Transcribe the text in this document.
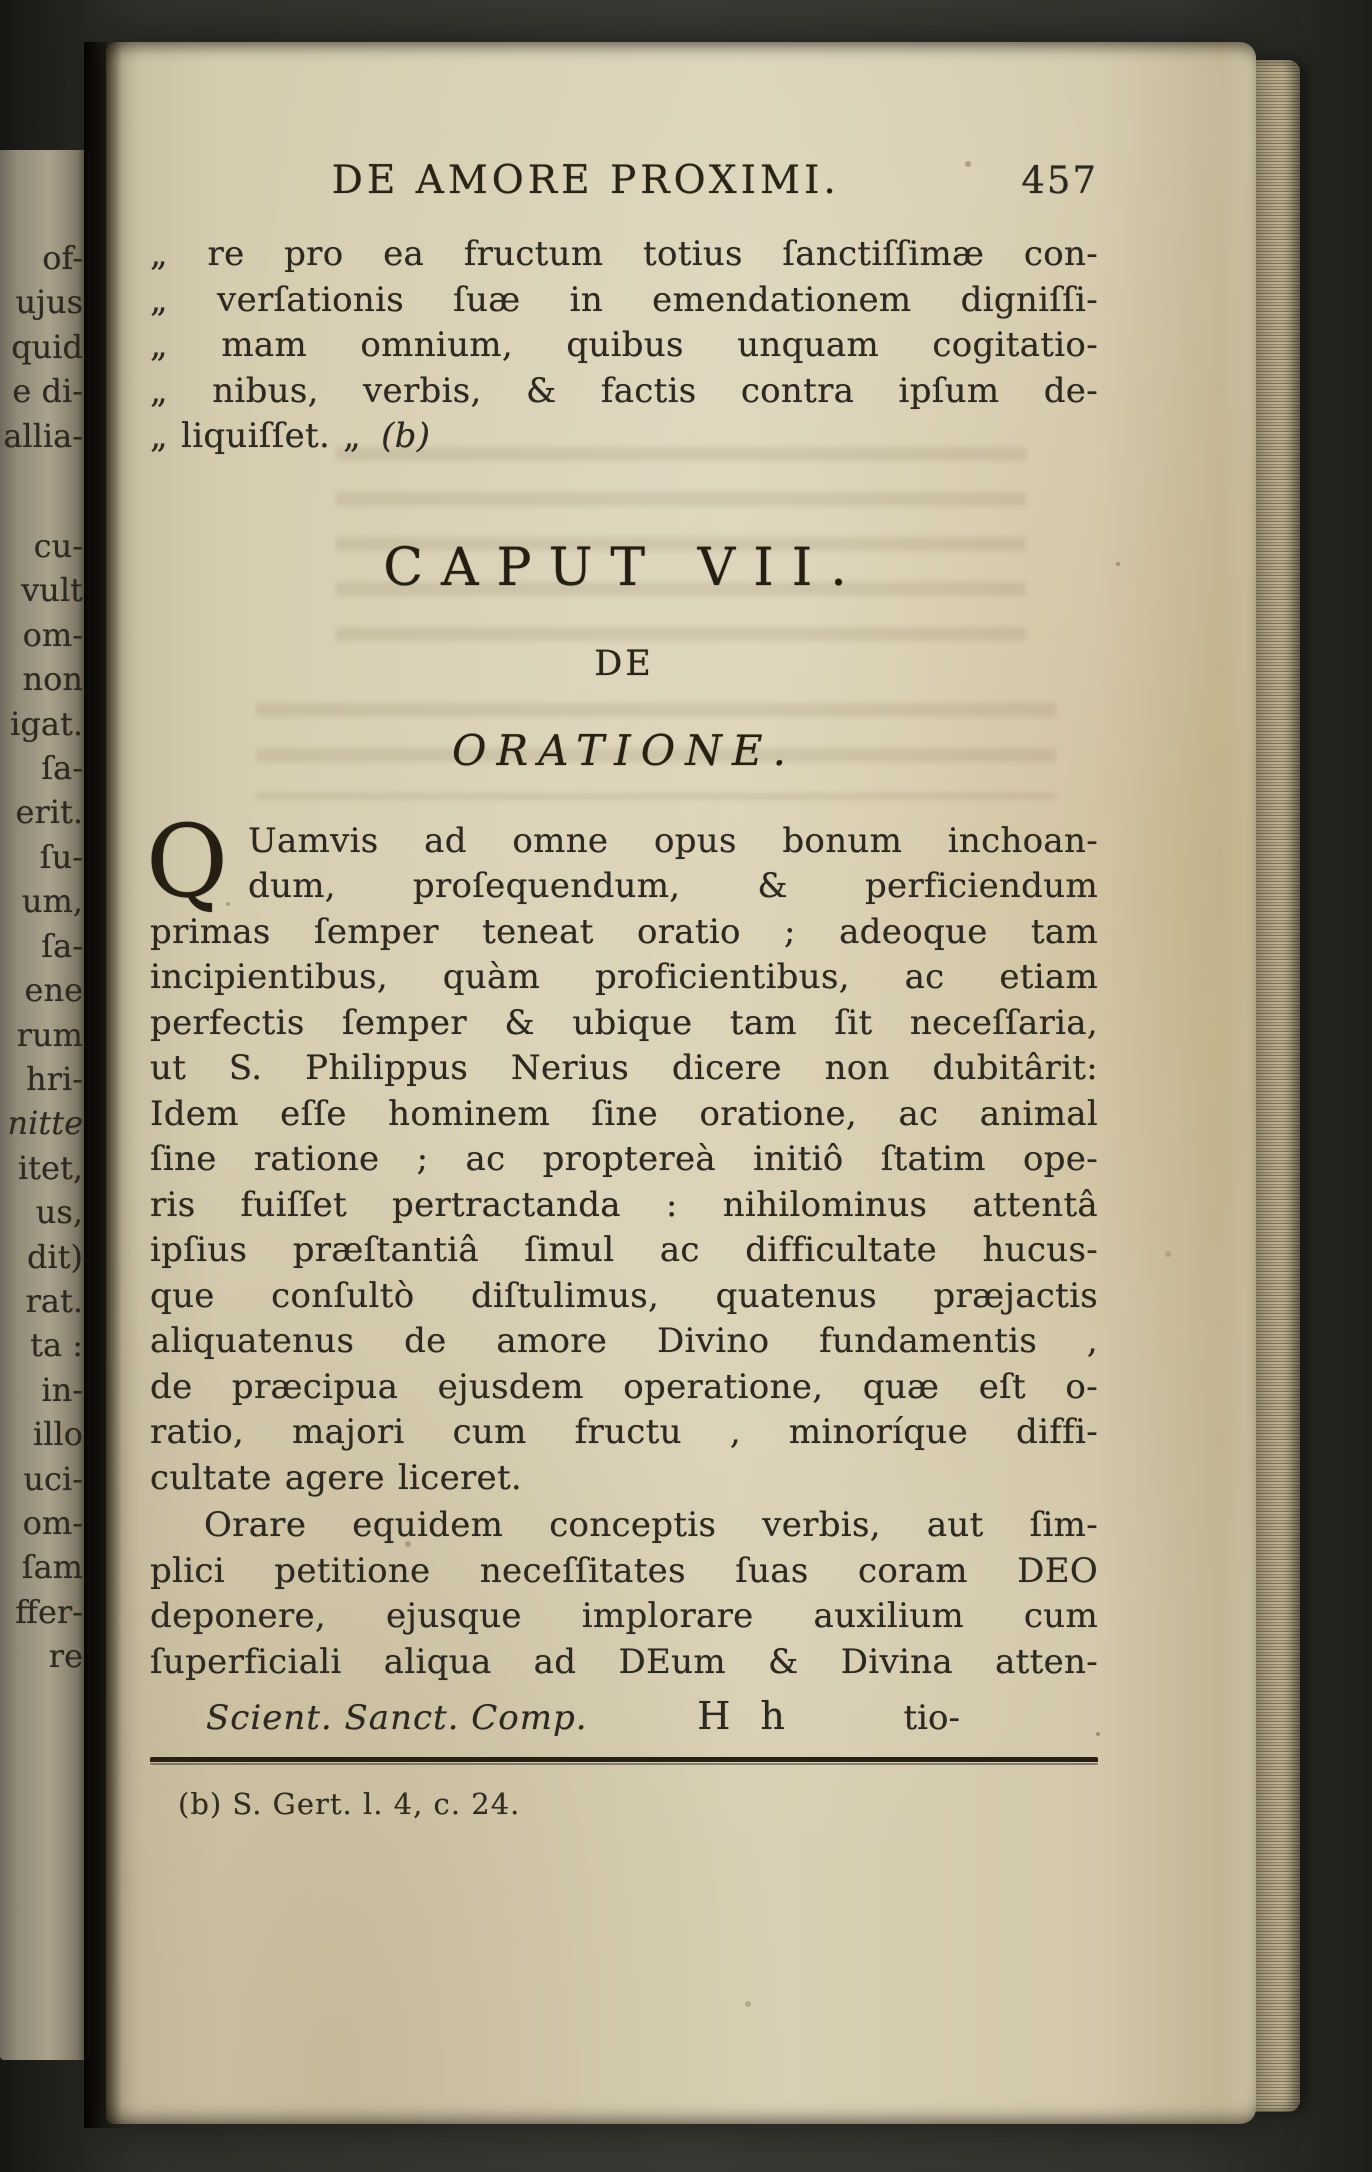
of-
ujus
quid
e di-
allia-
cu-
vult
om-
non
igat.
ſa-
erit.
ſu-
um,
ſa-
ene
rum
hri-
nitte
itet,
us,
dit)
rat.
ta :
in-
illo
uci-
om-
ſam
ffer-
re
DE AMORE PROXIMI.	457
„ re pro ea fructum totius ſanctiſſimæ con-
„ verſationis ſuæ in emendationem digniſſi-
„ mam omnium, quibus unquam cogitatio-
„ nibus, verbis, & factis contra ipſum de-
„ liquiſſet. „ (b)
CAPUT VII.
DE
ORATIONE.
Q Uamvis ad omne opus bonum inchoan-
dum, proſequendum, & perficiendum
primas ſemper teneat oratio ; adeoque tam
incipientibus, quàm proficientibus, ac etiam
perfectis ſemper & ubique tam ſit neceſſaria,
ut S. Philippus Nerius dicere non dubitârit:
Idem eſſe hominem ſine oratione, ac animal
ſine ratione ; ac proptereà initiô ſtatim ope-
ris fuiſſet pertractanda : nihilominus attentâ
ipſius præſtantiâ ſimul ac difficultate hucus-
que conſultò diſtulimus, quatenus præjactis
aliquatenus de amore Divino fundamentis ,
de præcipua ejusdem operatione, quæ eſt o-
ratio, majori cum fructu , minoríque diffi-
cultate agere liceret.
Orare equidem conceptis verbis, aut ſim-
plici petitione neceſſitates ſuas coram DEO
deponere, ejusque implorare auxilium cum
ſuperficiali aliqua ad DEum & Divina atten-
Scient. Sanct. Comp.	H h	tio-
(b) S. Gert. l. 4, c. 24.
